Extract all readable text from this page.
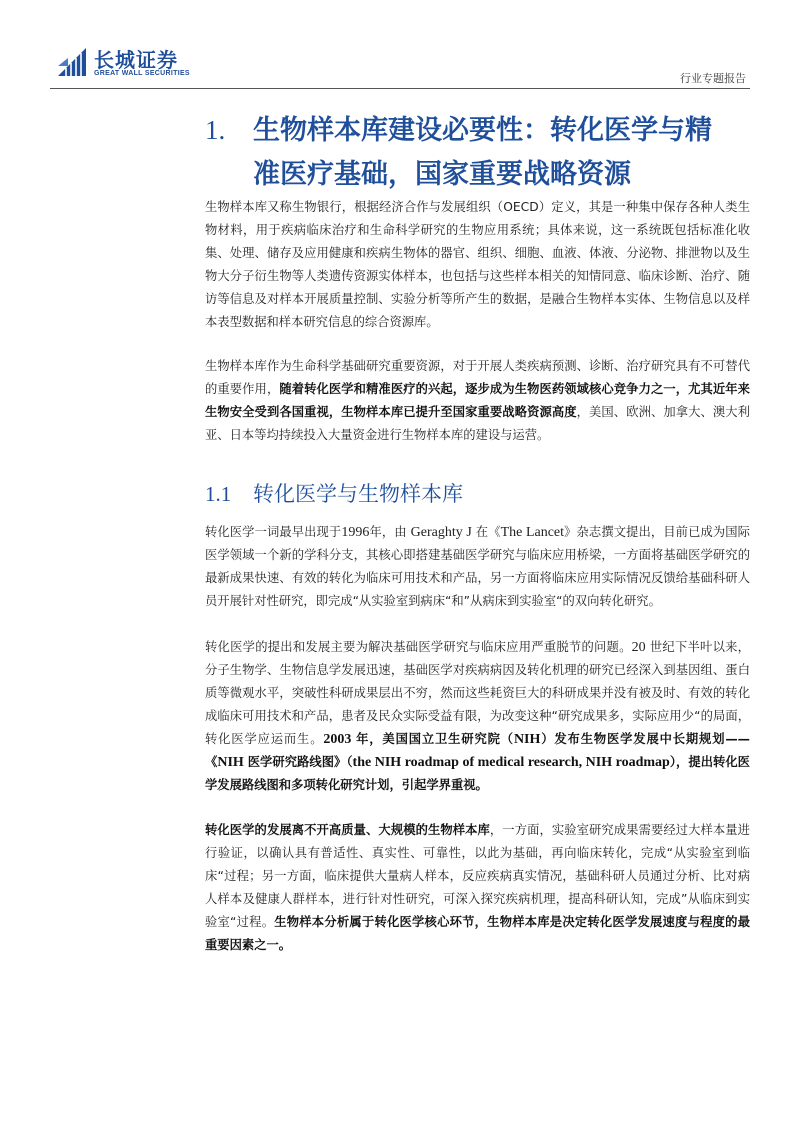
长城证券
GREAT WALL SECURITIES	行业专题报告
1. 生物样本库建设必要性：转化医学与精
准医疗基础，国家重要战略资源
生物样本库又称生物银行，根据经济合作与发展组织（OECD）定义，其是一种集中保存各种人类生物材料，用于疾病临床治疗和生命科学研究的生物应用系统；具体来说，这一系统既包括标准化收集、处理、储存及应用健康和疾病生物体的器官、组织、细胞、血液、体液、分泌物、排泄物以及生物大分子衍生物等人类遗传资源实体样本，也包括与这些样本相关的知情同意、临床诊断、治疗、随访等信息及对样本开展质量控制、实验分析等所产生的数据，是融合生物样本实体、生物信息以及样本表型数据和样本研究信息的综合资源库。
生物样本库作为生命科学基础研究重要资源，对于开展人类疾病预测、诊断、治疗研究具有不可替代的重要作用，随着转化医学和精准医疗的兴起，逐步成为生物医药领域核心竞争力之一，尤其近年来生物安全受到各国重视，生物样本库已提升至国家重要战略资源高度，美国、欧洲、加拿大、澳大利亚、日本等均持续投入大量资金进行生物样本库的建设与运营。
1.1 转化医学与生物样本库
转化医学一词最早出现于1996年，由 Geraghty J 在《The Lancet》杂志撰文提出，目前已成为国际医学领域一个新的学科分支，其核心即搭建基础医学研究与临床应用桥梁，一方面将基础医学研究的最新成果快速、有效的转化为临床可用技术和产品，另一方面将临床应用实际情况反馈给基础科研人员开展针对性研究，即完成“从实验室到病床“和”从病床到实验室“的双向转化研究。
转化医学的提出和发展主要为解决基础医学研究与临床应用严重脱节的问题。20 世纪下半叶以来，分子生物学、生物信息学发展迅速，基础医学对疾病病因及转化机理的研究已经深入到基因组、蛋白质等微观水平，突破性科研成果层出不穷，然而这些耗资巨大的科研成果并没有被及时、有效的转化成临床可用技术和产品，患者及民众实际受益有限，为改变这种“研究成果多，实际应用少“的局面，转化医学应运而生。2003 年，美国国立卫生研究院（NIH）发布生物医学发展中长期规划——《NIH 医学研究路线图》（the NIH roadmap of medical research, NIH roadmap），提出转化医学发展路线图和多项转化研究计划，引起学界重视。
转化医学的发展离不开高质量、大规模的生物样本库，一方面，实验室研究成果需要经过大样本量进行验证，以确认具有普适性、真实性、可靠性，以此为基础，再向临床转化，完成“从实验室到临床“过程；另一方面，临床提供大量病人样本，反应疾病真实情况，基础科研人员通过分析、比对病人样本及健康人群样本，进行针对性研究，可深入探究疾病机理，提高科研认知，完成”从临床到实验室“过程。生物样本分析属于转化医学核心环节，生物样本库是决定转化医学发展速度与程度的最重要因素之一。
